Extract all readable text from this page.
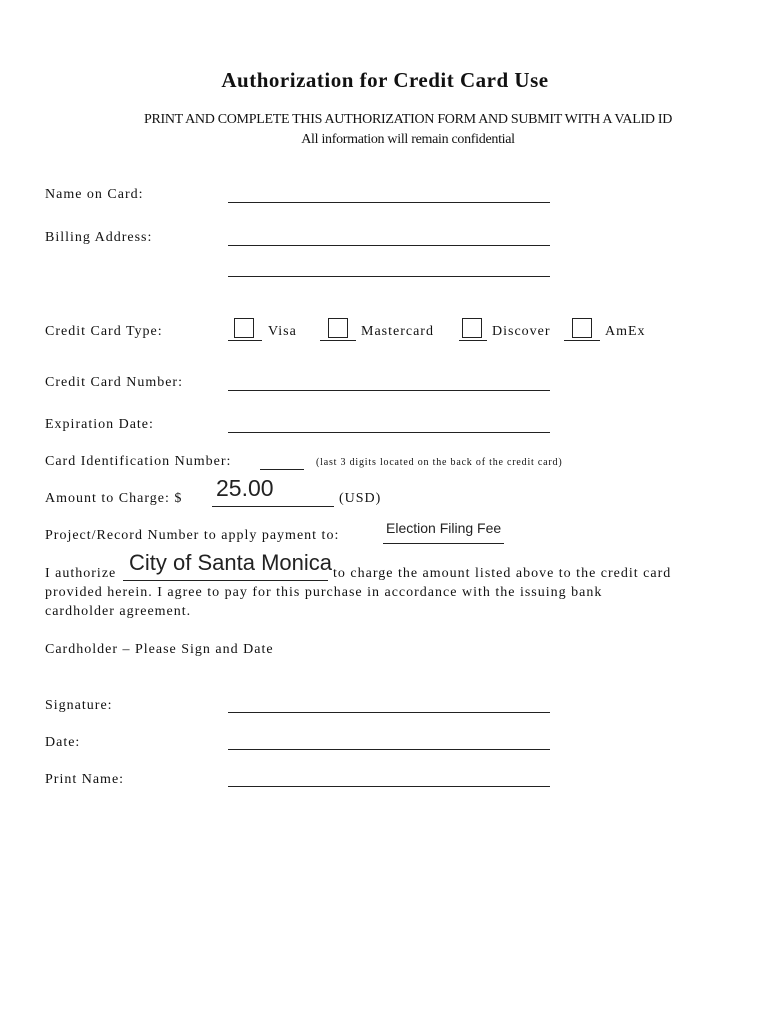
Authorization for Credit Card Use
PRINT AND COMPLETE THIS AUTHORIZATION FORM AND SUBMIT WITH A VALID ID
All information will remain confidential
Name on Card:
Billing Address:
Credit Card Type:	Visa	Mastercard	Discover	AmEx
Credit Card Number:
Expiration Date:
Card Identification Number:	(last 3 digits located on the back of the credit card)
Amount to Charge: $ 25.00	(USD)
Project/Record Number to apply payment to:	Election Filing Fee
I authorize City of Santa Monica to charge the amount listed above to the credit card
provided herein. I agree to pay for this purchase in accordance with the issuing bank
cardholder agreement.
Cardholder – Please Sign and Date
Signature:
Date:
Print Name:
